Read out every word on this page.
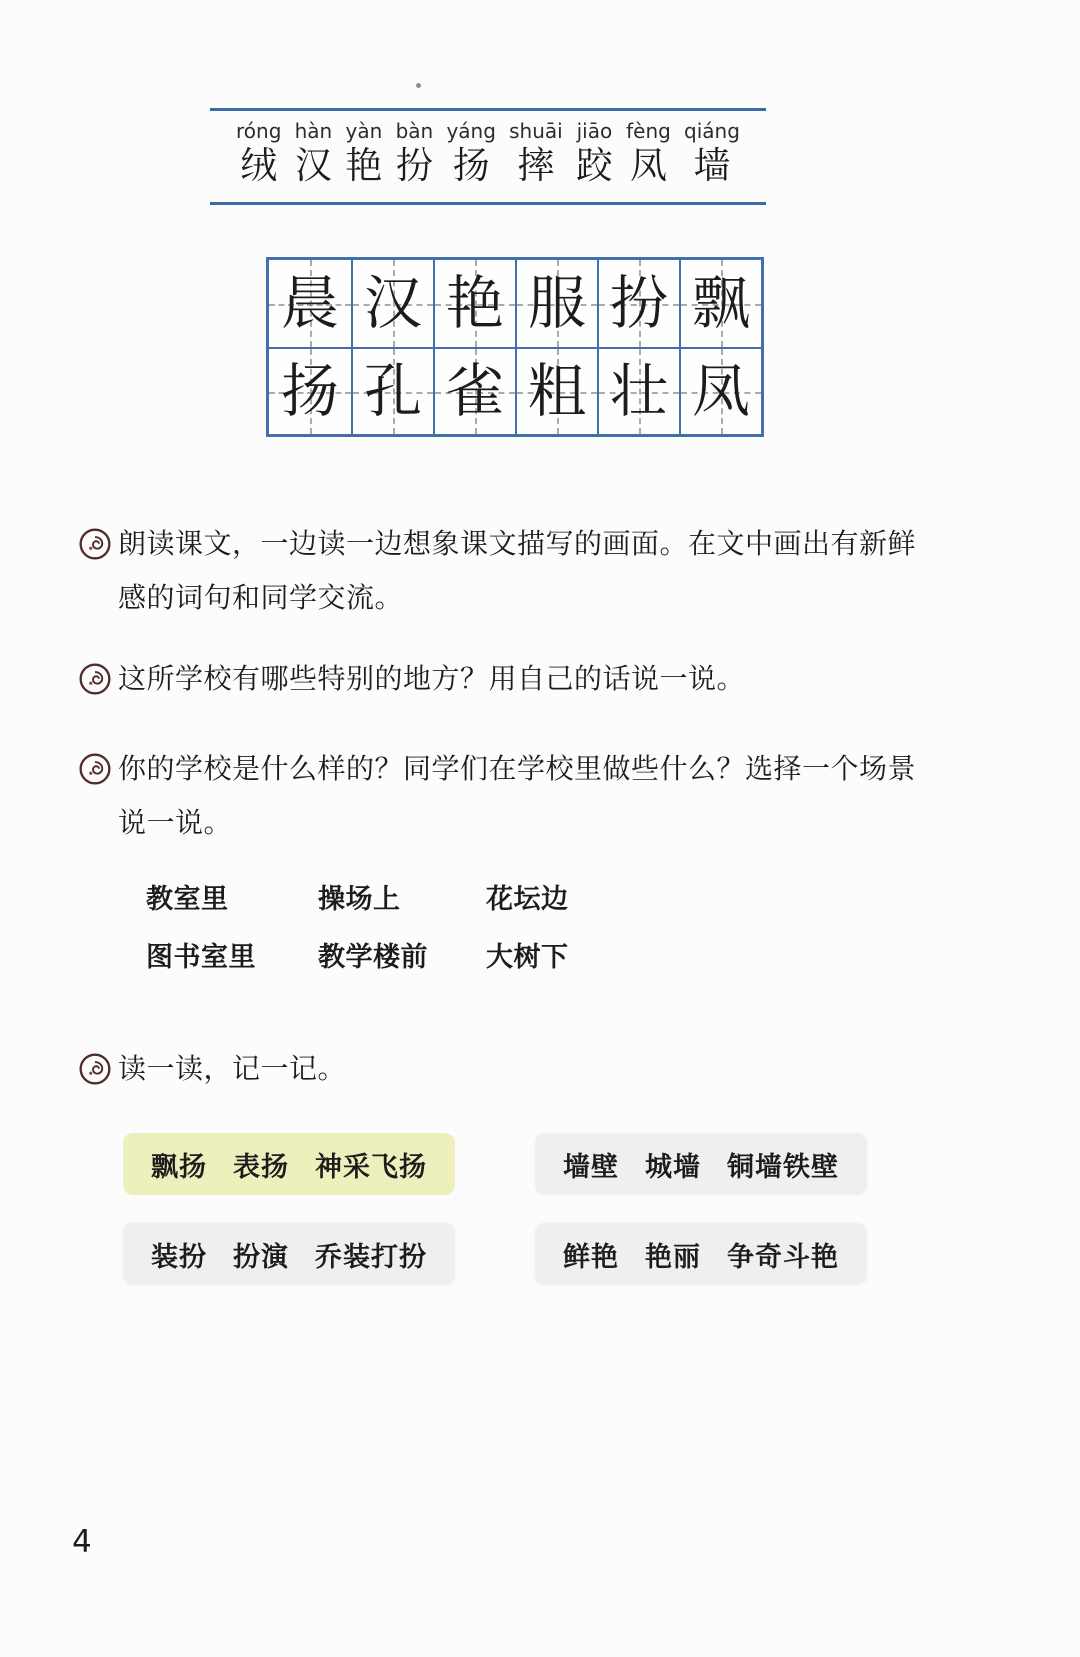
róng
绒
hàn
汉
yàn
艳
bàn
扮
yáng
扬
shuāi
摔
jiāo
跤
fèng
凤
qiáng
墙
晨 汉 艳 服 扮 飘
扬 孔 雀 粗 壮 凤
朗读课文，一边读一边想象课文描写的画面。在文中画出有新鲜
感的词句和同学交流。
这所学校有哪些特别的地方？用自己的话说一说。
你的学校是什么样的？同学们在学校里做些什么？选择一个场景
说一说。
教室里	操场上	花坛边
图书室里	教学楼前	大树下
读一读，记一记。
飘扬 表扬 神采飞扬	墙壁 城墙 铜墙铁壁
装扮 扮演 乔装打扮	鲜艳 艳丽 争奇斗艳
4
